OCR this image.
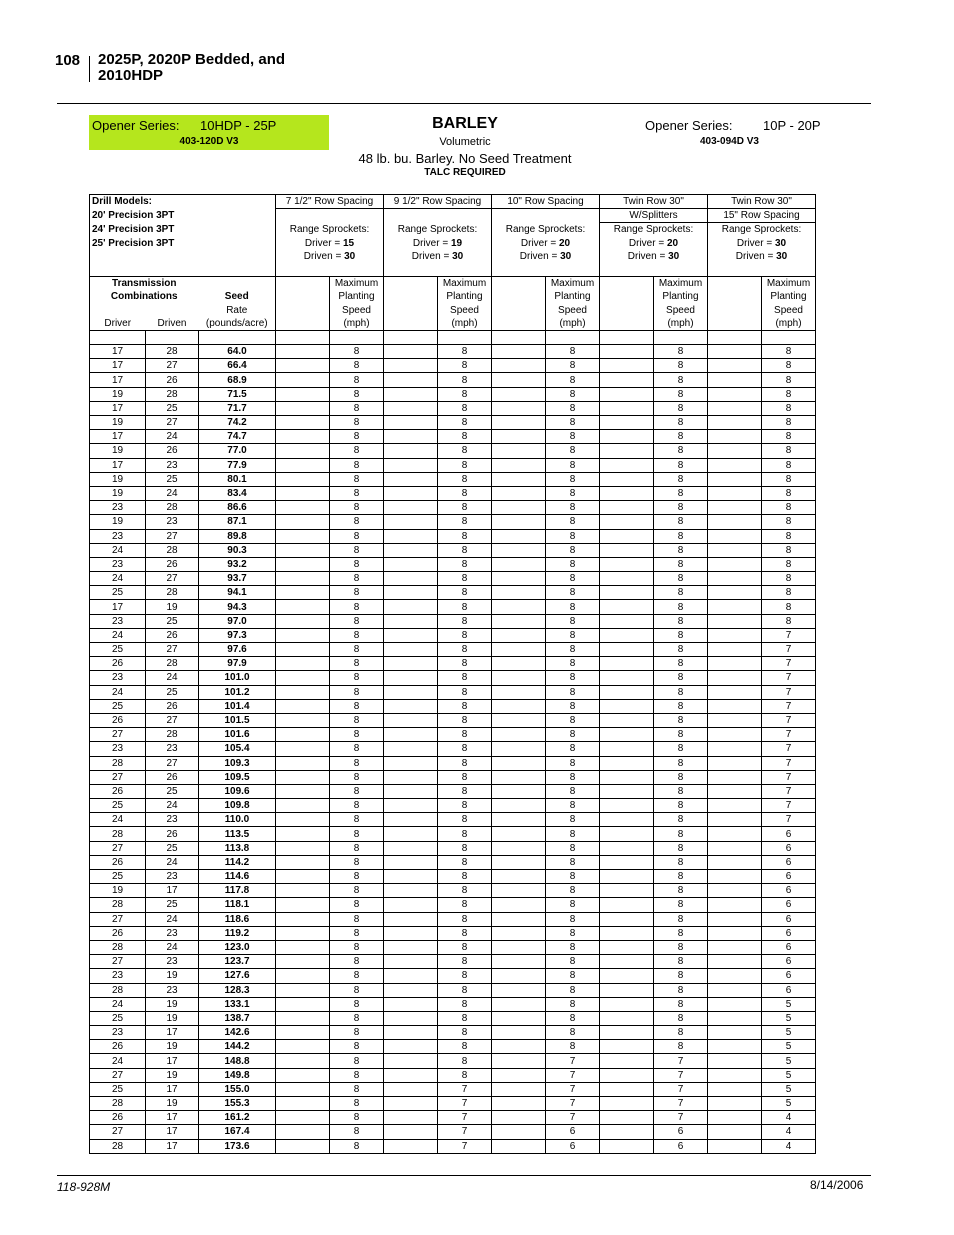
108 2025P, 2020P Bedded, and
2010HDP
Opener Series: 10HDP - 25P
403-120D V3
BARLEY
Volumetric
48 lb. bu. Barley. No Seed Treatment
TALC REQUIRED
Opener Series: 10P - 20P
403-094D V3
Drill Models:			7 1/2" Row Spacing		9 1/2" Row Spacing		10" Row Spacing		Twin Row 30"		Twin Row 30"	
20' Precision 3PT									W/Splitters		15" Row Spacing	
24' Precision 3PT			Range Sprockets:		Range Sprockets:		Range Sprockets:		Range Sprockets:		Range Sprockets:	
25' Precision 3PT			Driver = 15		Driver = 19		Driver = 20		Driver = 20		Driver = 30	
			Driven = 30		Driven = 30		Driven = 30		Driven = 30		Driven = 30	

Transmission				Maximum		Maximum		Maximum		Maximum		Maximum
Combinations		Seed		Planting		Planting		Planting		Planting		Planting
		Rate		Speed		Speed		Speed		Speed		Speed
Driver	Driven	(pounds/acre)		(mph)		(mph)		(mph)		(mph)		(mph)

17	28	64.0		8		8		8		8		8
17	27	66.4		8		8		8		8		8
17	26	68.9		8		8		8		8		8
19	28	71.5		8		8		8		8		8
17	25	71.7		8		8		8		8		8
19	27	74.2		8		8		8		8		8
17	24	74.7		8		8		8		8		8
19	26	77.0		8		8		8		8		8
17	23	77.9		8		8		8		8		8
19	25	80.1		8		8		8		8		8
19	24	83.4		8		8		8		8		8
23	28	86.6		8		8		8		8		8
19	23	87.1		8		8		8		8		8
23	27	89.8		8		8		8		8		8
24	28	90.3		8		8		8		8		8
23	26	93.2		8		8		8		8		8
24	27	93.7		8		8		8		8		8
25	28	94.1		8		8		8		8		8
17	19	94.3		8		8		8		8		8
23	25	97.0		8		8		8		8		8
24	26	97.3		8		8		8		8		7
25	27	97.6		8		8		8		8		7
26	28	97.9		8		8		8		8		7
23	24	101.0		8		8		8		8		7
24	25	101.2		8		8		8		8		7
25	26	101.4		8		8		8		8		7
26	27	101.5		8		8		8		8		7
27	28	101.6		8		8		8		8		7
23	23	105.4		8		8		8		8		7
28	27	109.3		8		8		8		8		7
27	26	109.5		8		8		8		8		7
26	25	109.6		8		8		8		8		7
25	24	109.8		8		8		8		8		7
24	23	110.0		8		8		8		8		7
28	26	113.5		8		8		8		8		6
27	25	113.8		8		8		8		8		6
26	24	114.2		8		8		8		8		6
25	23	114.6		8		8		8		8		6
19	17	117.8		8		8		8		8		6
28	25	118.1		8		8		8		8		6
27	24	118.6		8		8		8		8		6
26	23	119.2		8		8		8		8		6
28	24	123.0		8		8		8		8		6
27	23	123.7		8		8		8		8		6
23	19	127.6		8		8		8		8		6
28	23	128.3		8		8		8		8		6
24	19	133.1		8		8		8		8		5
25	19	138.7		8		8		8		8		5
23	17	142.6		8		8		8		8		5
26	19	144.2		8		8		8		8		5
24	17	148.8		8		8		7		7		5
27	19	149.8		8		8		7		7		5
25	17	155.0		8		7		7		7		5
28	19	155.3		8		7		7		7		5
26	17	161.2		8		7		7		7		4
27	17	167.4		8		7		6		6		4
28	17	173.6		8		7		6		6		4
118-928M	8/14/2006
